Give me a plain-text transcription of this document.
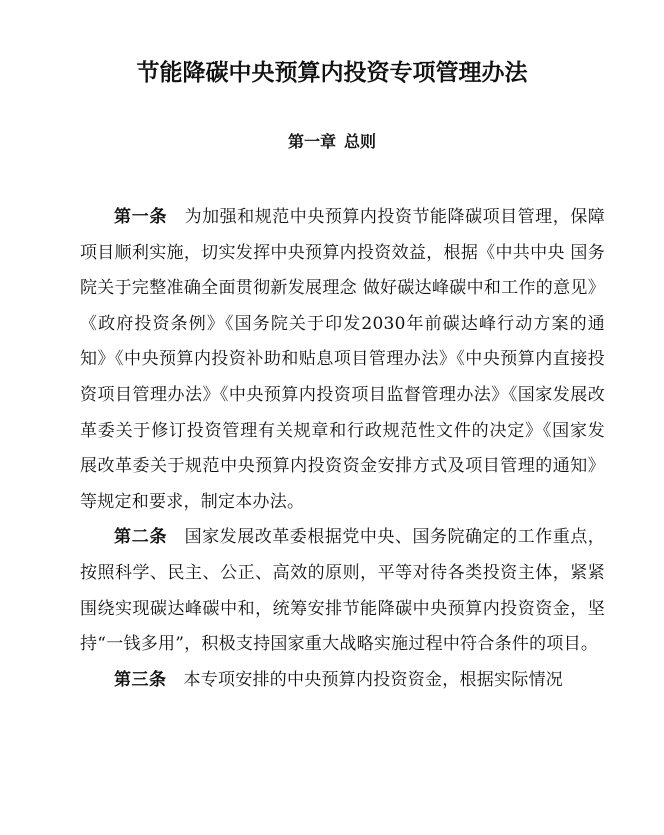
节能降碳中央预算内投资专项管理办法
第一章 总则

第一条 为加强和规范中央预算内投资节能降碳项目管理，保障项目顺利实施，切实发挥中央预算内投资效益，根据《中共中央 国务院关于完整准确全面贯彻新发展理念 做好碳达峰碳中和工作的意见》《政府投资条例》《国务院关于印发2030年前碳达峰行动方案的通知》《中央预算内投资补助和贴息项目管理办法》《中央预算内直接投资项目管理办法》《中央预算内投资项目监督管理办法》《国家发展改革委关于修订投资管理有关规章和行政规范性文件的决定》《国家发展改革委关于规范中央预算内投资资金安排方式及项目管理的通知》等规定和要求，制定本办法。

第二条 国家发展改革委根据党中央、国务院确定的工作重点，按照科学、民主、公正、高效的原则，平等对待各类投资主体，紧紧围绕实现碳达峰碳中和，统筹安排节能降碳中央预算内投资资金，坚持“一钱多用”，积极支持国家重大战略实施过程中符合条件的项目。

第三条 本专项安排的中央预算内投资资金，根据实际情况
